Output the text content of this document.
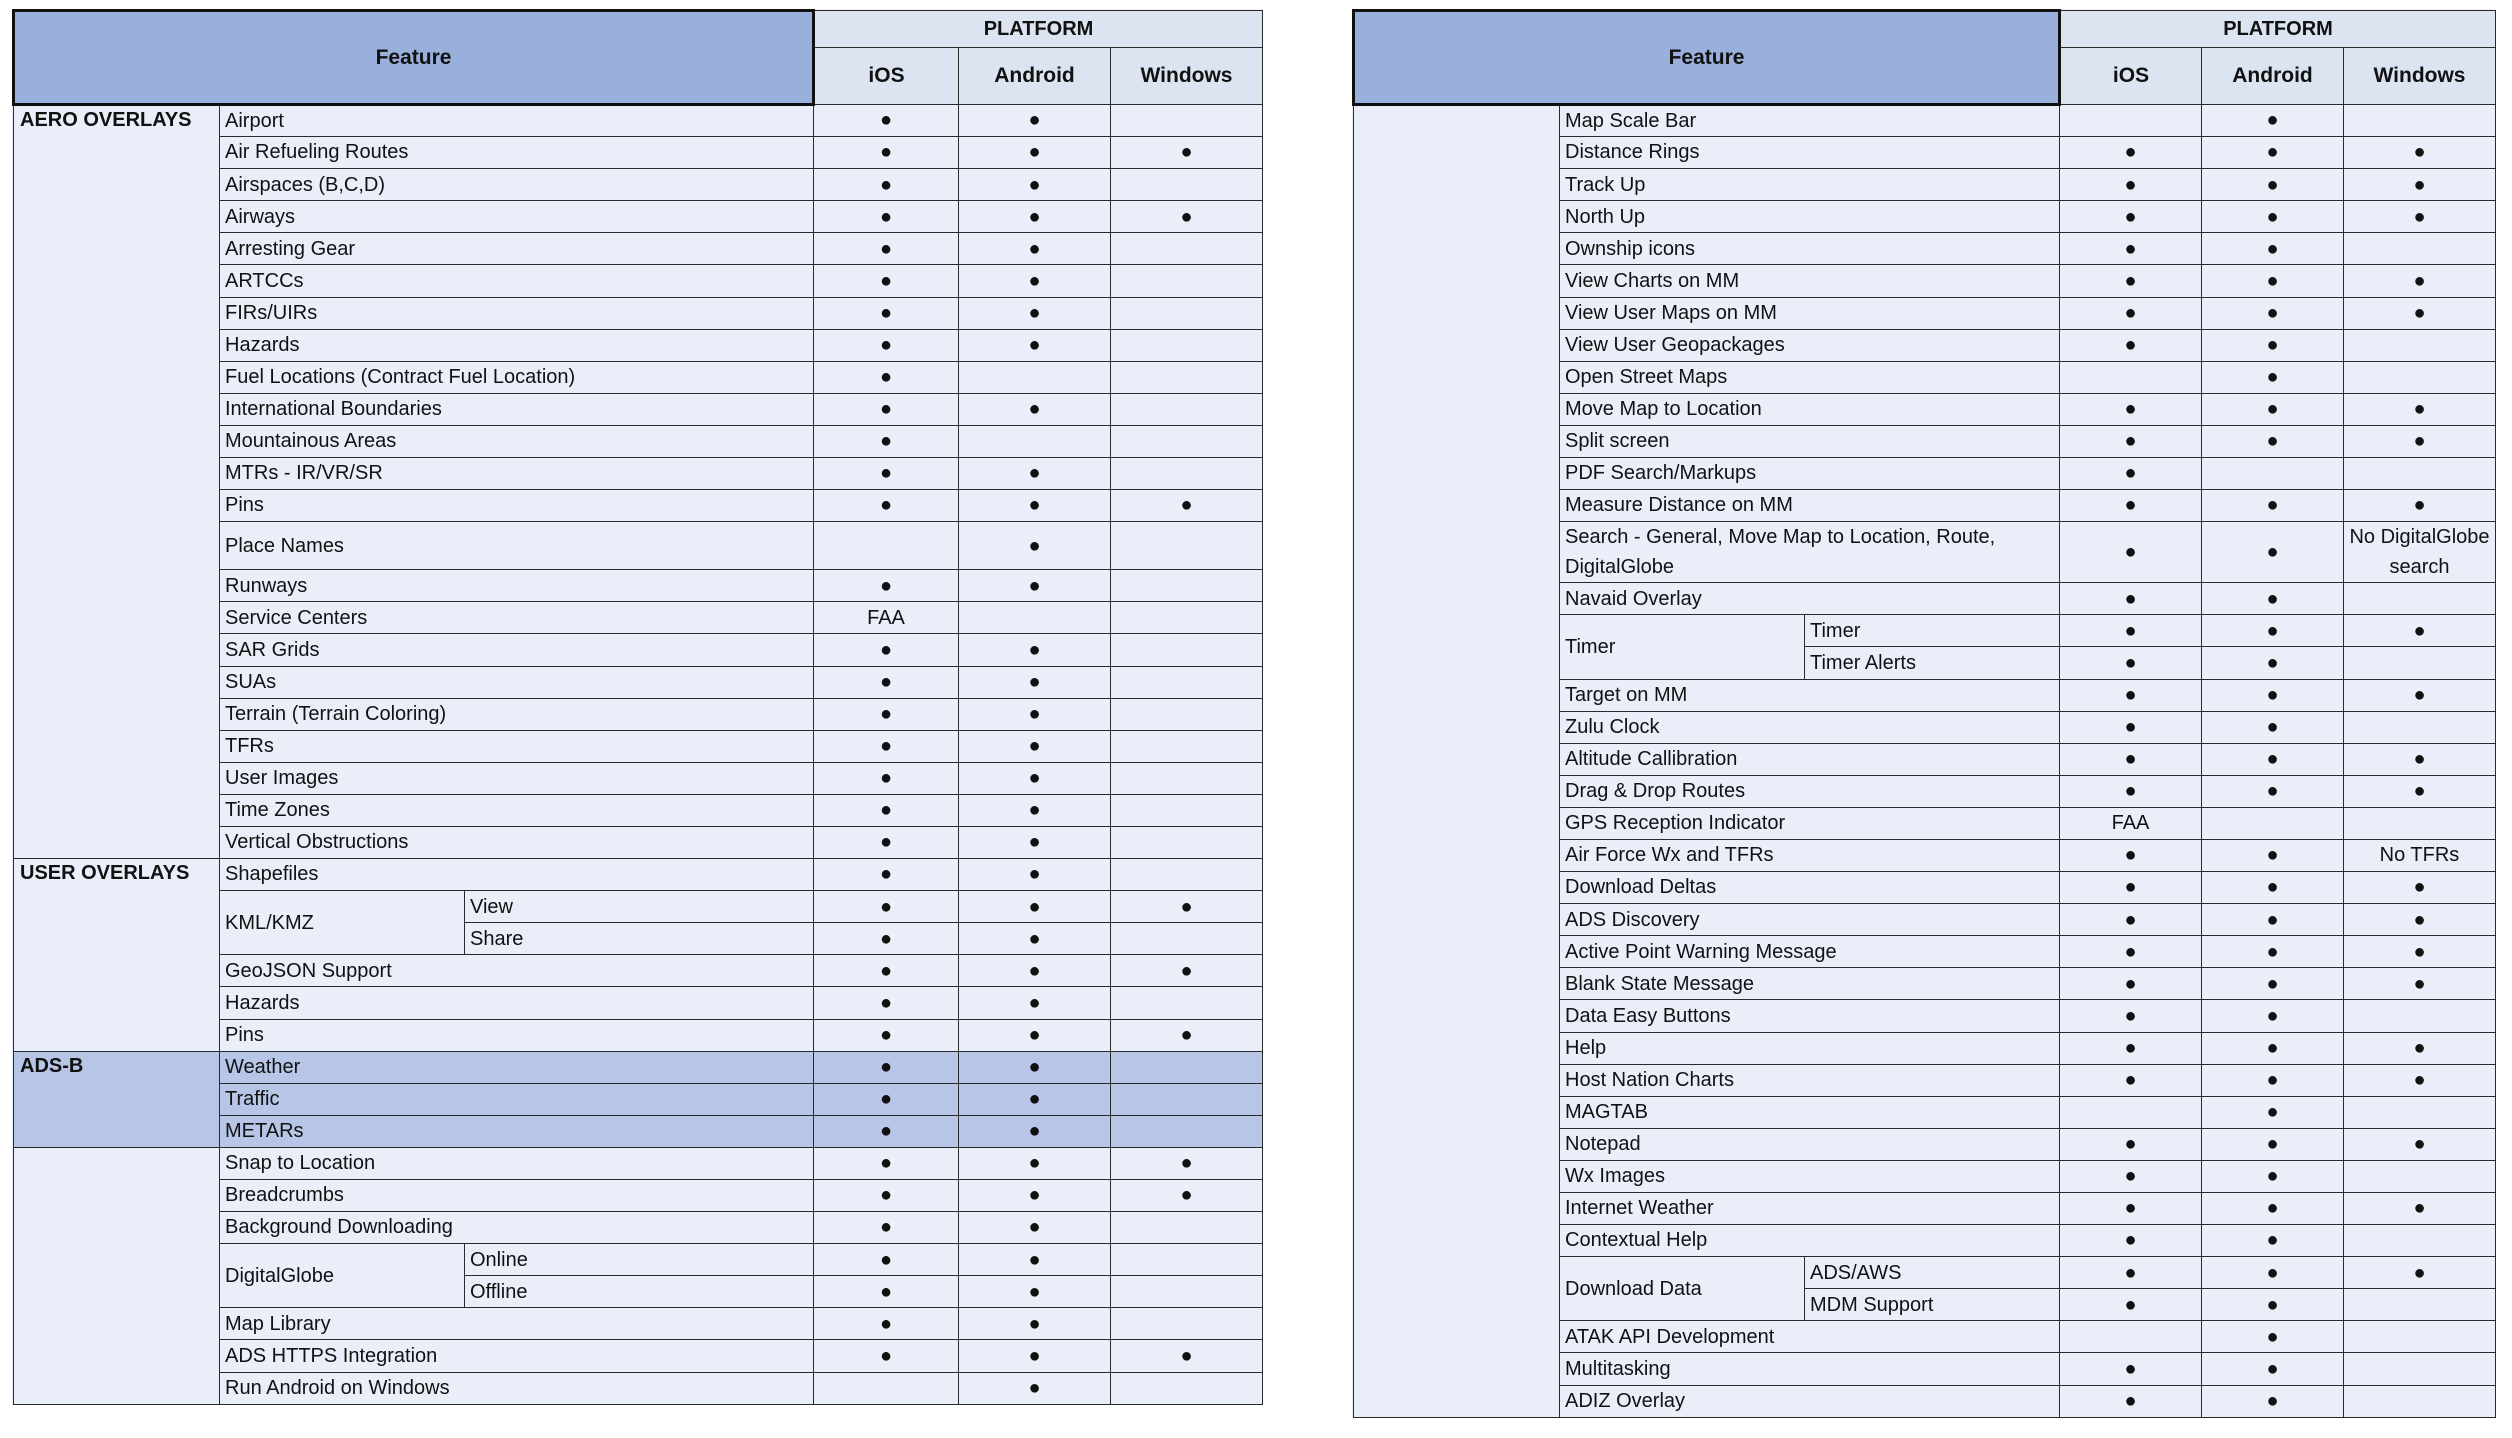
Feature			PLATFORM		
			iOS	Android	Windows
AERO OVERLAYS	Airport		●	●	
	Air Refueling Routes		●	●	●
	Airspaces (B,C,D)		●	●	
	Airways		●	●	●
	Arresting Gear		●	●	
	ARTCCs		●	●	
	FIRs/UIRs		●	●	
	Hazards		●	●	
	Fuel Locations (Contract Fuel Location)		●		
	International Boundaries		●	●	
	Mountainous Areas		●		
	MTRs - IR/VR/SR		●	●	
	Pins		●	●	●
	Place Names			●	
	Runways		●	●	
	Service Centers		FAA		
	SAR Grids		●	●	
	SUAs		●	●	
	Terrain (Terrain Coloring)		●	●	
	TFRs		●	●	
	User Images		●	●	
	Time Zones		●	●	
	Vertical Obstructions		●	●	
USER OVERLAYS	Shapefiles		●	●	
	KML/KMZ	View	●	●	●
		Share	●	●	
	GeoJSON Support		●	●	●
	Hazards		●	●	
	Pins		●	●	●
ADS-B	Weather		●	●	
	Traffic		●	●	
	METARs		●	●	
	Snap to Location		●	●	●
	Breadcrumbs		●	●	●
	Background Downloading		●	●	
	DigitalGlobe	Online	●	●	
		Offline	●	●	
	Map Library		●	●	
	ADS HTTPS Integration		●	●	●
	Run Android on Windows			●	
Feature			PLATFORM		
			iOS	Android	Windows
	Map Scale Bar			●	
	Distance Rings		●	●	●
	Track Up		●	●	●
	North Up		●	●	●
	Ownship icons		●	●	
	View Charts on MM		●	●	●
	View User Maps on MM		●	●	●
	View User Geopackages		●	●	
	Open Street Maps			●	
	Move Map to Location		●	●	●
	Split screen		●	●	●
	PDF Search/Markups		●		
	Measure Distance on MM		●	●	●
	Search - General, Move Map to Location, Route, DigitalGlobe		●	●	No DigitalGlobe search
	Navaid Overlay		●	●	
	Timer	Timer	●	●	●
		Timer Alerts	●	●	
	Target on MM		●	●	●
	Zulu Clock		●	●	
	Altitude Callibration		●	●	●
	Drag & Drop Routes		●	●	●
	GPS Reception Indicator		FAA		
	Air Force Wx and TFRs		●	●	No TFRs
	Download Deltas		●	●	●
	ADS Discovery		●	●	●
	Active Point Warning Message		●	●	●
	Blank State Message		●	●	●
	Data Easy Buttons		●	●	
	Help		●	●	●
	Host Nation Charts		●	●	●
	MAGTAB			●	
	Notepad		●	●	●
	Wx Images		●	●	
	Internet Weather		●	●	●
	Contextual Help		●	●	
	Download Data	ADS/AWS	●	●	●
		MDM Support	●	●	
	ATAK API Development			●	
	Multitasking		●	●	
	ADIZ Overlay		●	●	
